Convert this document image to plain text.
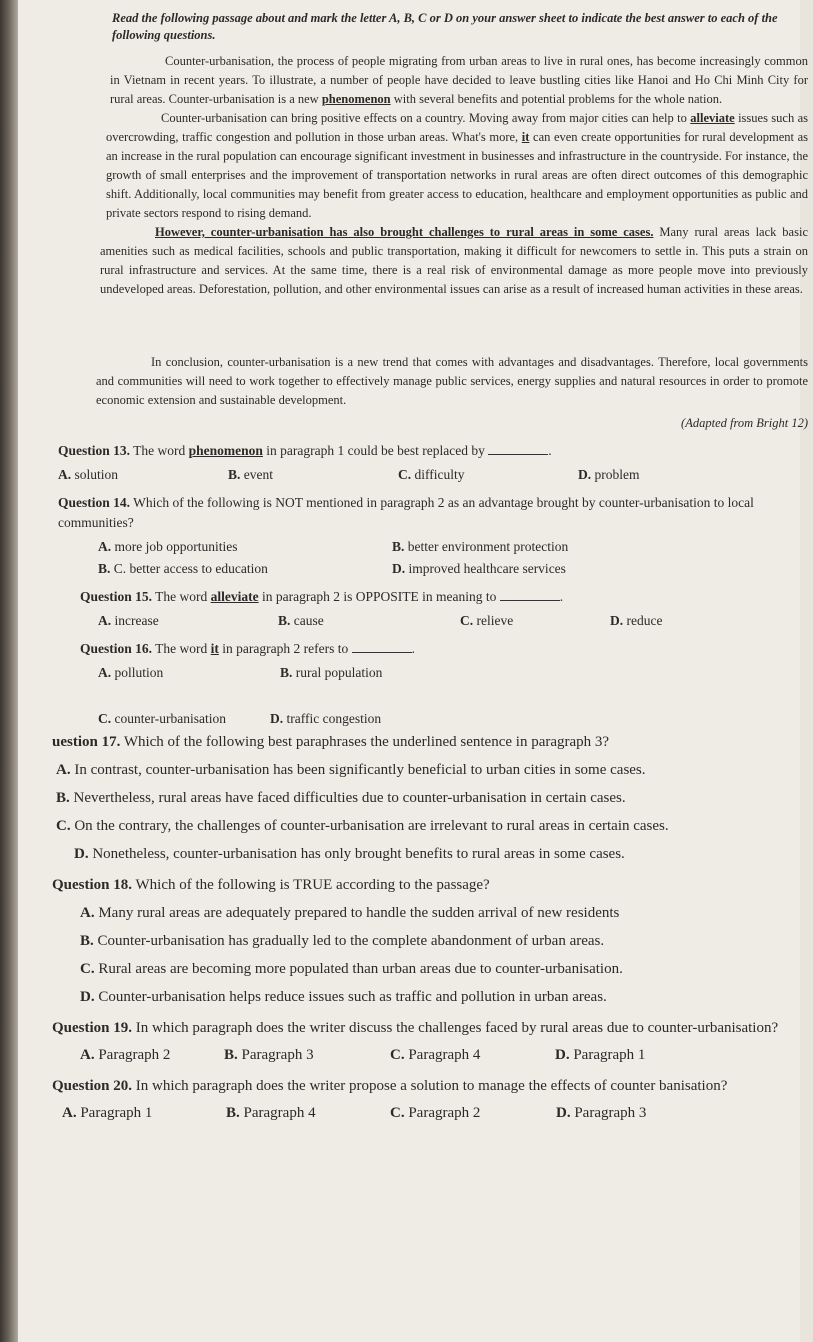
Read the following passage about and mark the letter A, B, C or D on your answer sheet to indicate the best answer to each of the following questions.

Counter-urbanisation, the process of people migrating from urban areas to live in rural ones, has become increasingly common in Vietnam in recent years. To illustrate, a number of people have decided to leave bustling cities like Hanoi and Ho Chi Minh City for rural areas. Counter-urbanisation is a new phenomenon with several benefits and potential problems for the whole nation.

Counter-urbanisation can bring positive effects on a country. Moving away from major cities can help to alleviate issues such as overcrowding, traffic congestion and pollution in those urban areas. What's more, it can even create opportunities for rural development as an increase in the rural population can encourage significant investment in businesses and infrastructure in the countryside. For instance, the growth of small enterprises and the improvement of transportation networks in rural areas are often direct outcomes of this demographic shift. Additionally, local communities may benefit from greater access to education, healthcare and employment opportunities as public and private sectors respond to rising demand.

However, counter-urbanisation has also brought challenges to rural areas in some cases. Many rural areas lack basic amenities such as medical facilities, schools and public transportation, making it difficult for newcomers to settle in. This puts a strain on rural infrastructure and services. At the same time, there is a real risk of environmental damage as more people move into previously undeveloped areas. Deforestation, pollution, and other environmental issues can arise as a result of increased human activities in these areas.

In conclusion, counter-urbanisation is a new trend that comes with advantages and disadvantages. Therefore, local governments and communities will need to work together to effectively manage public services, energy supplies and natural resources in order to promote economic extension and sustainable development.

(Adapted from Bright 12)

Question 13. The word phenomenon in paragraph 1 could be best replaced by	.
A. solution	B. event	C. difficulty	D. problem
Question 14. Which of the following is NOT mentioned in paragraph 2 as an advantage brought by counter-urbanisation to local communities?
A. more job opportunities	B. better environment protection
B. C. better access to education	D. improved healthcare services
Question 15. The word alleviate in paragraph 2 is OPPOSITE in meaning to	.
A. increase	B. cause	C. relieve	D. reduce
Question 16. The word it in paragraph 2 refers to	.
A. pollution	B. rural population
C. counter-urbanisation	D. traffic congestion
uestion 17. Which of the following best paraphrases the underlined sentence in paragraph 3?
A. In contrast, counter-urbanisation has been significantly beneficial to urban cities in some cases.
B. Nevertheless, rural areas have faced difficulties due to counter-urbanisation in certain cases.
C. On the contrary, the challenges of counter-urbanisation are irrelevant to rural areas in certain cases.
D. Nonetheless, counter-urbanisation has only brought benefits to rural areas in some cases.
Question 18. Which of the following is TRUE according to the passage?
A. Many rural areas are adequately prepared to handle the sudden arrival of new residents
B. Counter-urbanisation has gradually led to the complete abandonment of urban areas.
C. Rural areas are becoming more populated than urban areas due to counter-urbanisation.
D. Counter-urbanisation helps reduce issues such as traffic and pollution in urban areas.
Question 19. In which paragraph does the writer discuss the challenges faced by rural areas due to counter-urbanisation?
A. Paragraph 2	B. Paragraph 3	C. Paragraph 4	D. Paragraph 1
Question 20. In which paragraph does the writer propose a solution to manage the effects of counter banisation?
A. Paragraph 1	B. Paragraph 4	C. Paragraph 2	D. Paragraph 3
